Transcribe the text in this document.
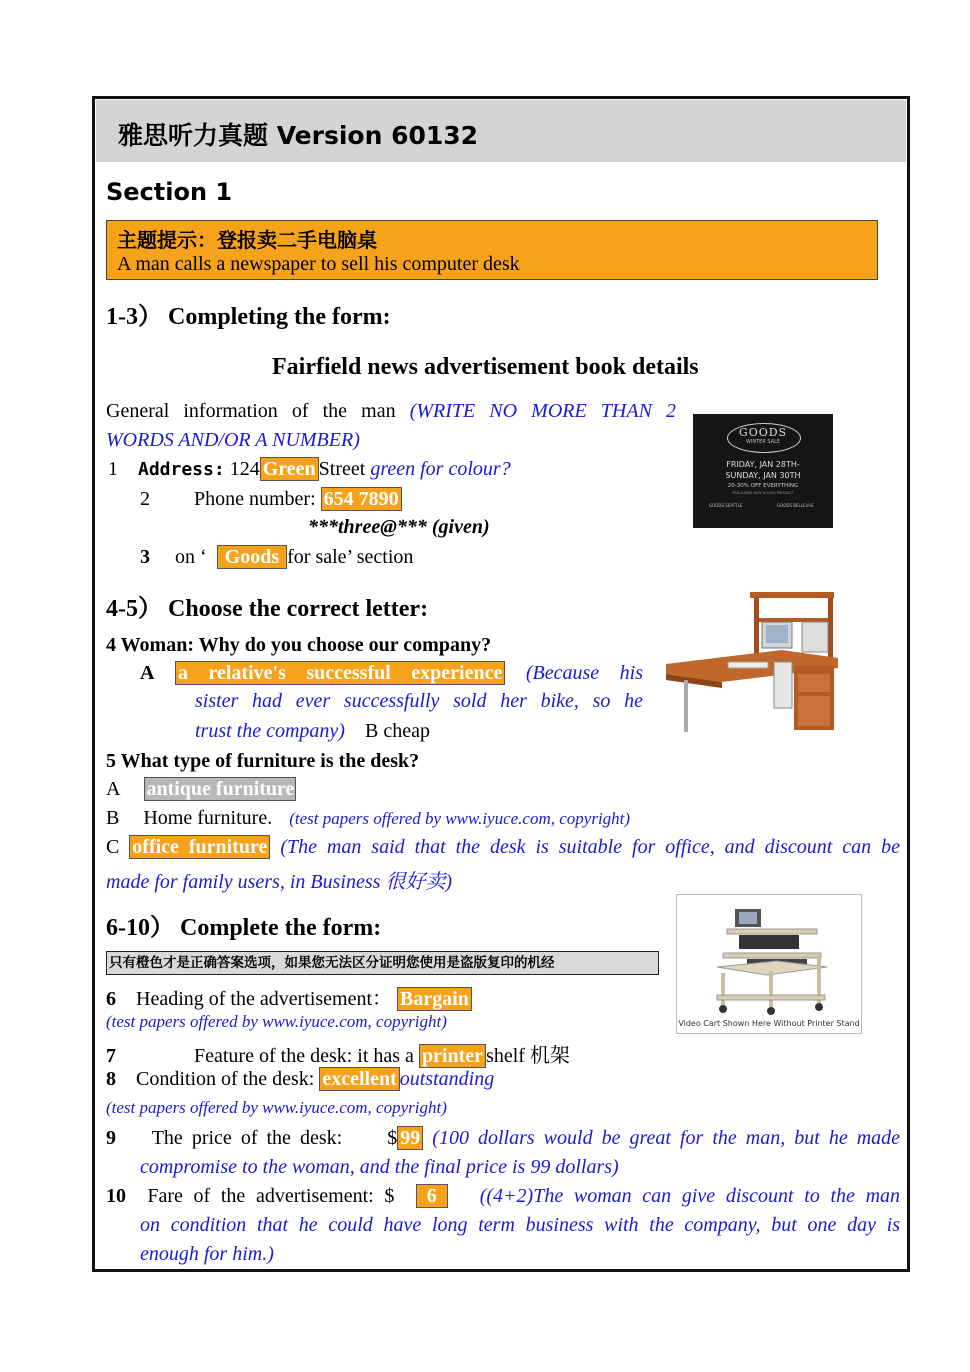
雅思听力真题 Version 60132
Section 1
主题提示：登报卖二手电脑桌
A man calls a newspaper to sell his computer desk
1-3） Completing the form:
Fairfield news advertisement book details
General information of the man (WRITE NO MORE THAN 2
WORDS AND/OR A NUMBER)
1 Address: 124 Green Street green for colour?
2 Phone number: 654 7890
***three@*** (given)
3 on ‘   Goods for sale’ section
GOODS
WINTER SALE
FRIDAY, JAN 28TH-
SUNDAY, JAN 30TH
20-30% OFF EVERYTHING
*EXCLUDES NEW GOODS PRODUCT
GOODS SEATTLE	GOODS BELLEVUE
4-5） Choose the correct letter:
4 Woman: Why do you choose our company?
A a relative's successful experience (Because his
sister had ever successfully sold her bike, so he
trust the company) B cheap
5 What type of furniture is the desk?
A antique furniture
B Home furniture. (test papers offered by www.iyuce.com, copyright)
C office furniture (The man said that the desk is suitable for office, and discount can be
made for family users, in Business 很好卖)
6-10） Complete the form:
只有橙色才是正确答案选项，如果您无法区分证明您使用是盗版复印的机经
Video Cart Shown Here Without Printer Stand
6 Heading of the advertisement： Bargain
(test papers offered by www.iyuce.com, copyright)
7	Feature of the desk: it has a printer shelf 机架
8 Condition of the desk: excellent outstanding
(test papers offered by www.iyuce.com, copyright)
9 The price of the desk: $ 99 (100 dollars would be great for the man, but he made
compromise to the woman, and the final price is 99 dollars)
10 Fare of the advertisement: $ 6 ((4+2)The woman can give discount to the man
on condition that he could have long term business with the company, but one day is
enough for him.)
